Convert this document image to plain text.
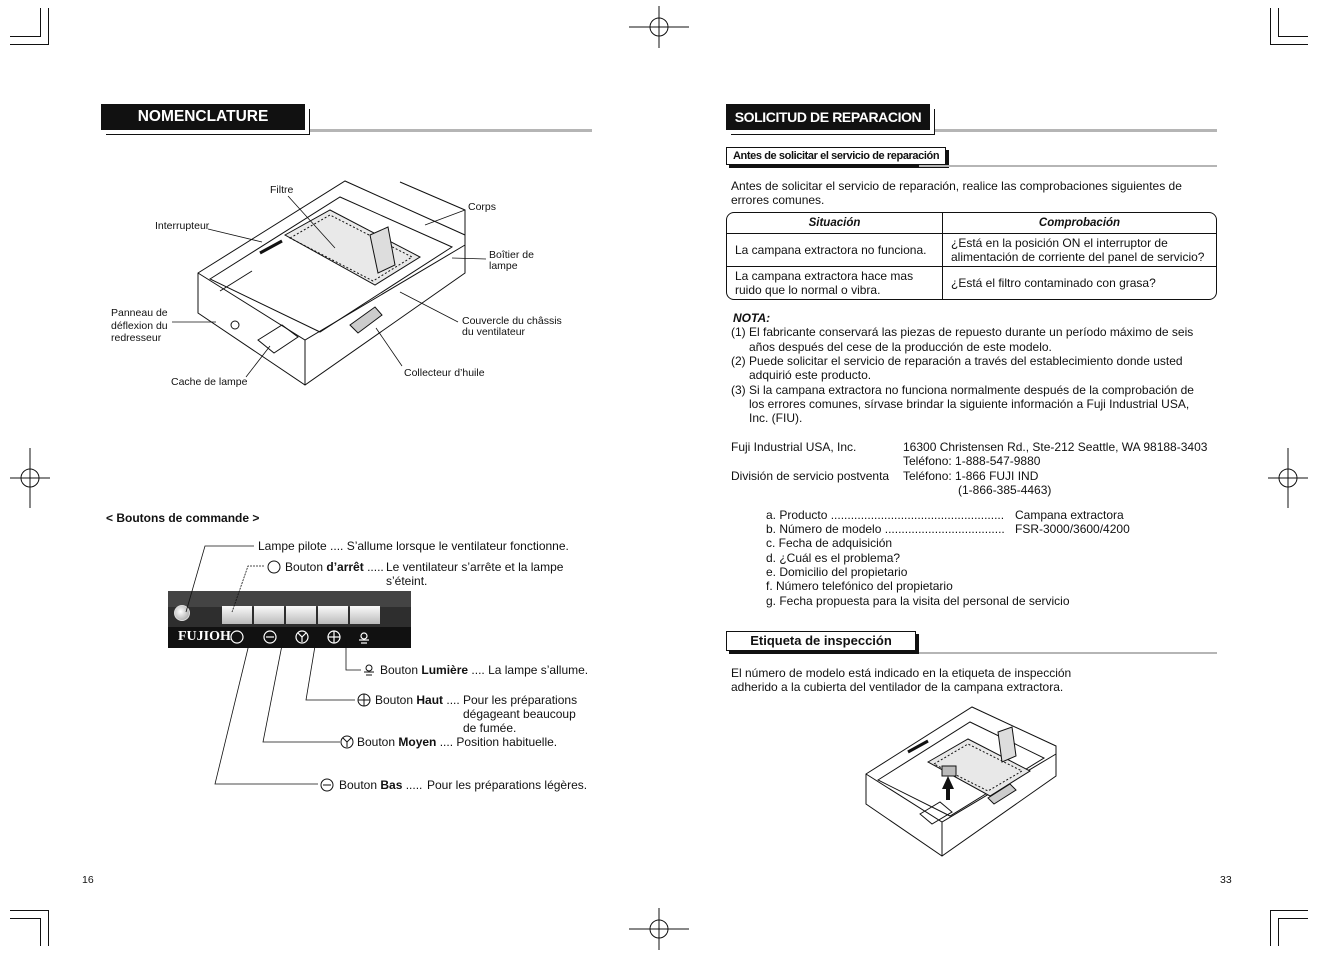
NOMENCLATURE
Filtre
Corps
Interrupteur
Boîtier de
lampe
Panneau de
déflexion du
redresseur
Couvercle du châssis
du ventilateur
Collecteur d’huile
Cache de lampe
< Boutons de commande >
FUJIOH
Lampe pilote .... S’allume lorsque le ventilateur fonctionne.
Bouton d’arrêt ..... Le ventilateur s’arrête et la lampe
s’éteint.
Bouton Lumière .... La lampe s’allume.
Bouton Haut .... Pour les préparations
dégageant beaucoup
de fumée.
Bouton Moyen .... Position habituelle.
Bouton Bas ..... Pour les préparations légères.
16
SOLICITUD DE REPARACION
Antes de solicitar el servicio de reparación
Antes de solicitar el servicio de reparación, realice las comprobaciones siguientes de
errores comunes.
Situación	Comprobación
La campana extractora no funciona.	¿Está en la posición ON el interruptor de
alimentación de corriente del panel de servicio?

La campana extractora hace mas
ruido que lo normal o vibra.	¿Está el filtro contaminado con grasa?
NOTA:
(1) El fabricante conservará las piezas de repuesto durante un período máximo de seis
años después del cese de la producción de este modelo.
(2) Puede solicitar el servicio de reparación a través del establecimiento donde usted
adquirió este producto.
(3) Si la campana extractora no funciona normalmente después de la comprobación de
los errores comunes, sírvase brindar la siguiente información a Fuji Industrial USA,
Inc. (FIU).
Fuji Industrial USA, Inc.	16300 Christensen Rd., Ste-212 Seattle, WA 98188-3403
Teléfono: 1-888-547-9880
División de servicio postventa Teléfono: 1-866 FUJI IND
(1-866-385-4463)
a. Producto .................................................... Campana extractora
b. Número de modelo .................................... FSR-3000/3600/4200
c. Fecha de adquisición
d. ¿Cuál es el problema?
e. Domicilio del propietario
f. Número telefónico del propietario
g. Fecha propuesta para la visita del personal de servicio
Etiqueta de inspección
El número de modelo está indicado en la etiqueta de inspección
adherido a la cubierta del ventilador de la campana extractora.
33
